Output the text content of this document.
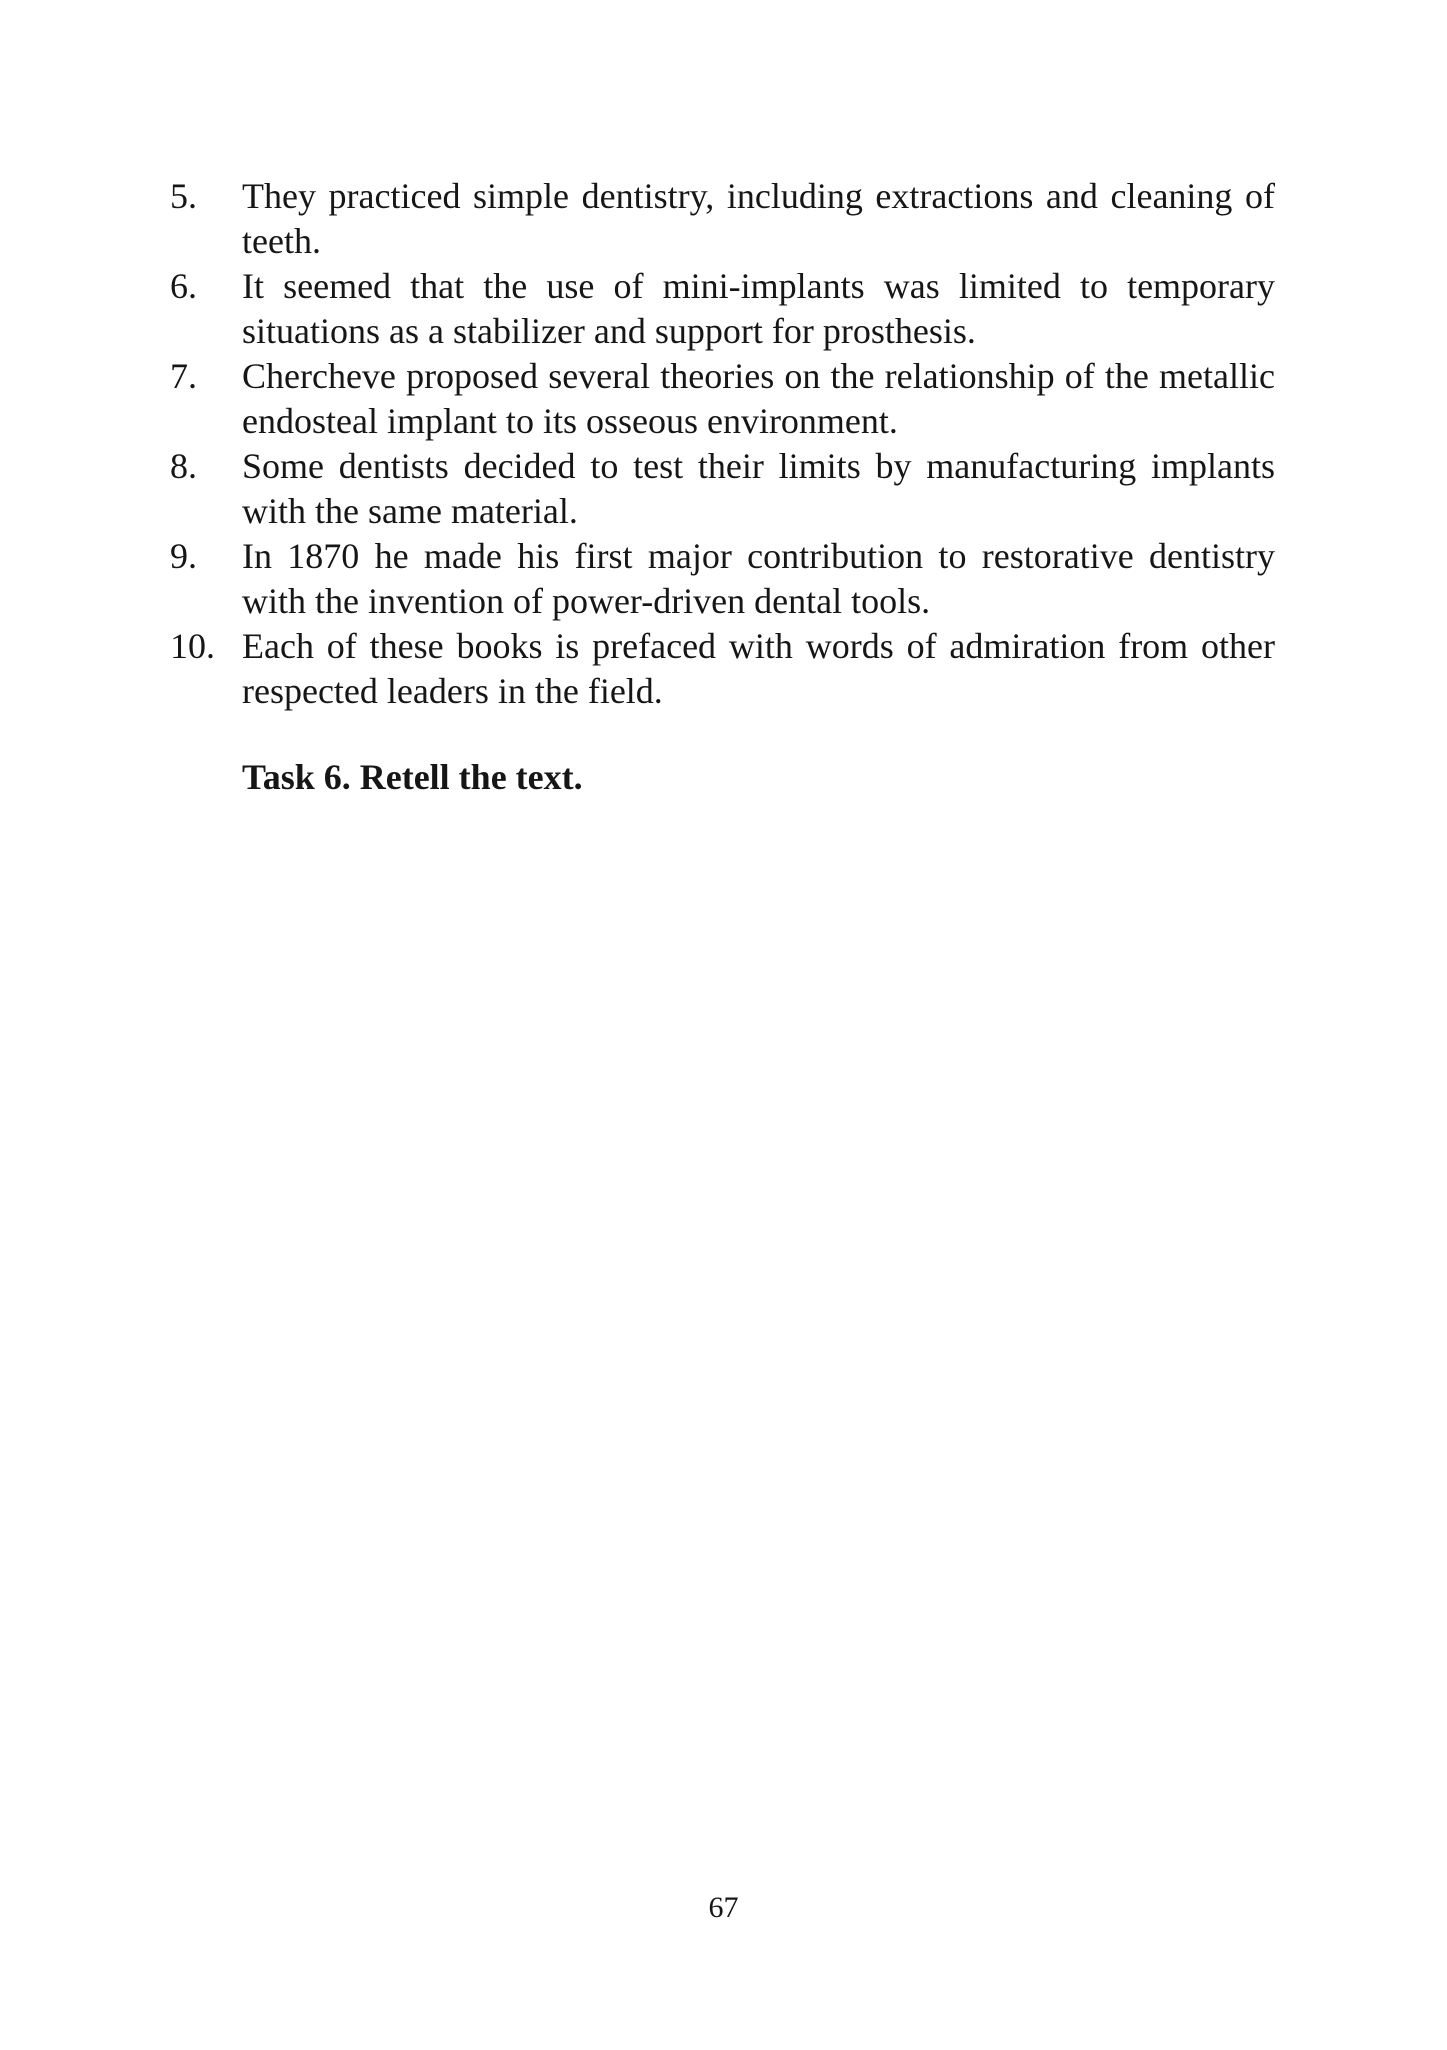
5. They practiced simple dentistry, including extractions and cleaning of teeth.
6. It seemed that the use of mini-implants was limited to temporary situations as a stabilizer and support for prosthesis.
7. Chercheve proposed several theories on the relationship of the metallic endosteal implant to its osseous environment.
8. Some dentists decided to test their limits by manufacturing implants with the same material.
9. In 1870 he made his first major contribution to restorative dentistry with the invention of power-driven dental tools.
10. Each of these books is prefaced with words of admiration from other respected leaders in the field.
Task 6. Retell the text.
67
